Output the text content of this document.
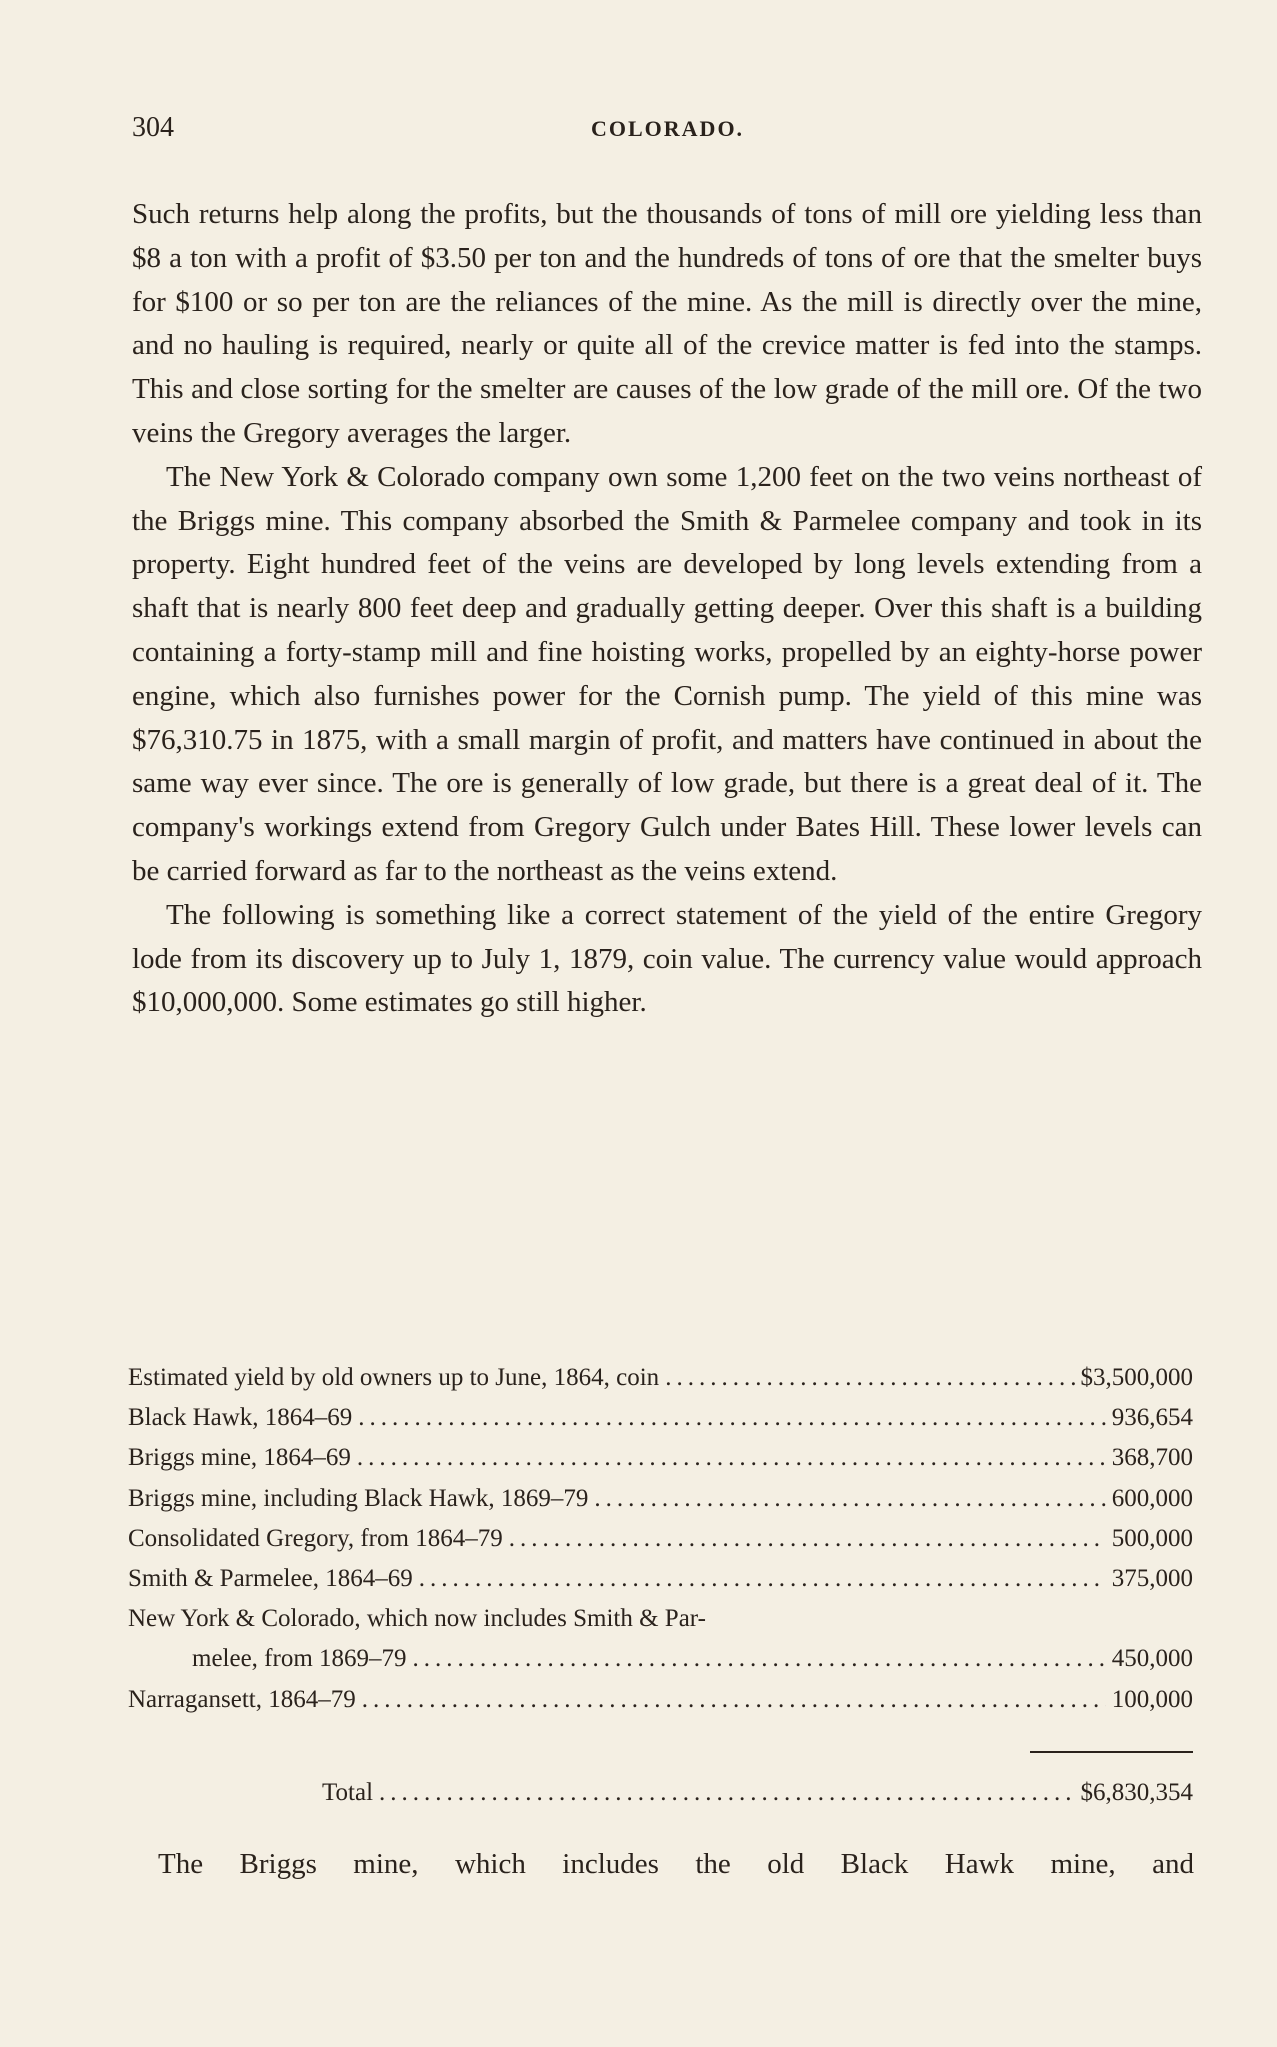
304	COLORADO.

Such returns help along the profits, but the thousands of tons of mill ore yielding less than $8 a ton with a profit of $3.50 per ton and the hundreds of tons of ore that the smelter buys for $100 or so per ton are the reliances of the mine. As the mill is directly over the mine, and no hauling is required, nearly or quite all of the crevice matter is fed into the stamps. This and close sorting for the smelter are causes of the low grade of the mill ore. Of the two veins the Gregory averages the larger.

The New York & Colorado company own some 1,200 feet on the two veins northeast of the Briggs mine. This company absorbed the Smith & Parmelee company and took in its property. Eight hundred feet of the veins are developed by long levels extending from a shaft that is nearly 800 feet deep and gradually getting deeper. Over this shaft is a building containing a forty-stamp mill and fine hoisting works, propelled by an eighty-horse power engine, which also furnishes power for the Cornish pump. The yield of this mine was $76,310.75 in 1875, with a small margin of profit, and matters have continued in about the same way ever since. The ore is generally of low grade, but there is a great deal of it. The company's workings extend from Gregory Gulch under Bates Hill. These lower levels can be carried forward as far to the northeast as the veins extend.

The following is something like a correct statement of the yield of the entire Gregory lode from its discovery up to July 1, 1879, coin value. The currency value would approach $10,000,000. Some estimates go still higher.

Estimated yield by old owners up to June, 1864, coin .....	$3,500,000
Black Hawk, 1864–69 .....	936,654
Briggs mine, 1864–69 .....	368,700
Briggs mine, including Black Hawk, 1869–79 .....	600,000
Consolidated Gregory, from 1864–79 .....	500,000
Smith & Parmelee, 1864–69 .....	375,000
New York & Colorado, which now includes Smith & Par-
melee, from 1869–79 .....	450,000
Narragansett, 1864–79 .....	100,000
Total .....	$6,830,354
The Briggs mine, which includes the old Black Hawk mine, and
